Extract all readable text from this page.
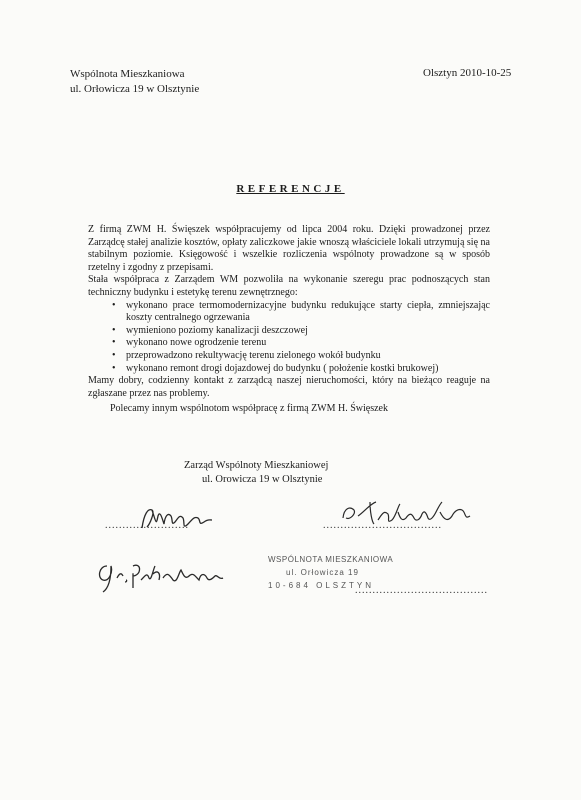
Wspólnota Mieszkaniowa
ul. Orłowicza 19 w Olsztynie
Olsztyn 2010-10-25
REFERENCJE

Z firmą ZWM H. Święszek współpracujemy od lipca 2004 roku. Dzięki prowadzonej przez Zarządcę stałej analizie kosztów, opłaty zaliczkowe jakie wnoszą właściciele lokali utrzymują się na stabilnym poziomie. Księgowość i wszelkie rozliczenia wspólnoty prowadzone są w sposób rzetelny i zgodny z przepisami.

Stała współpraca z Zarządem WM pozwoliła na wykonanie szeregu prac podnoszących stan techniczny budynku i estetykę terenu zewnętrznego:

• wykonano prace termomodernizacyjne budynku redukujące starty ciepła, zmniejszając koszty centralnego ogrzewania
• wymieniono poziomy kanalizacji deszczowej
• wykonano nowe ogrodzenie terenu
• przeprowadzono rekultywację terenu zielonego wokół budynku
• wykonano remont drogi dojazdowej do budynku ( położenie kostki brukowej)

Mamy dobry, codzienny kontakt z zarządcą naszej nieruchomości, który na bieżąco reaguje na zgłaszane przez nas problemy.

Polecamy innym wspólnotom współpracę z firmą ZWM H. Święszek

Zarząd Wspólnoty Mieszkaniowej
ul. Orowicza 19 w Olsztynie
........................	..................................
WSPÓLNOTA MIESZKANIOWA
ul. Orłowicza 19
10-684 OLSZTYN
......................................
